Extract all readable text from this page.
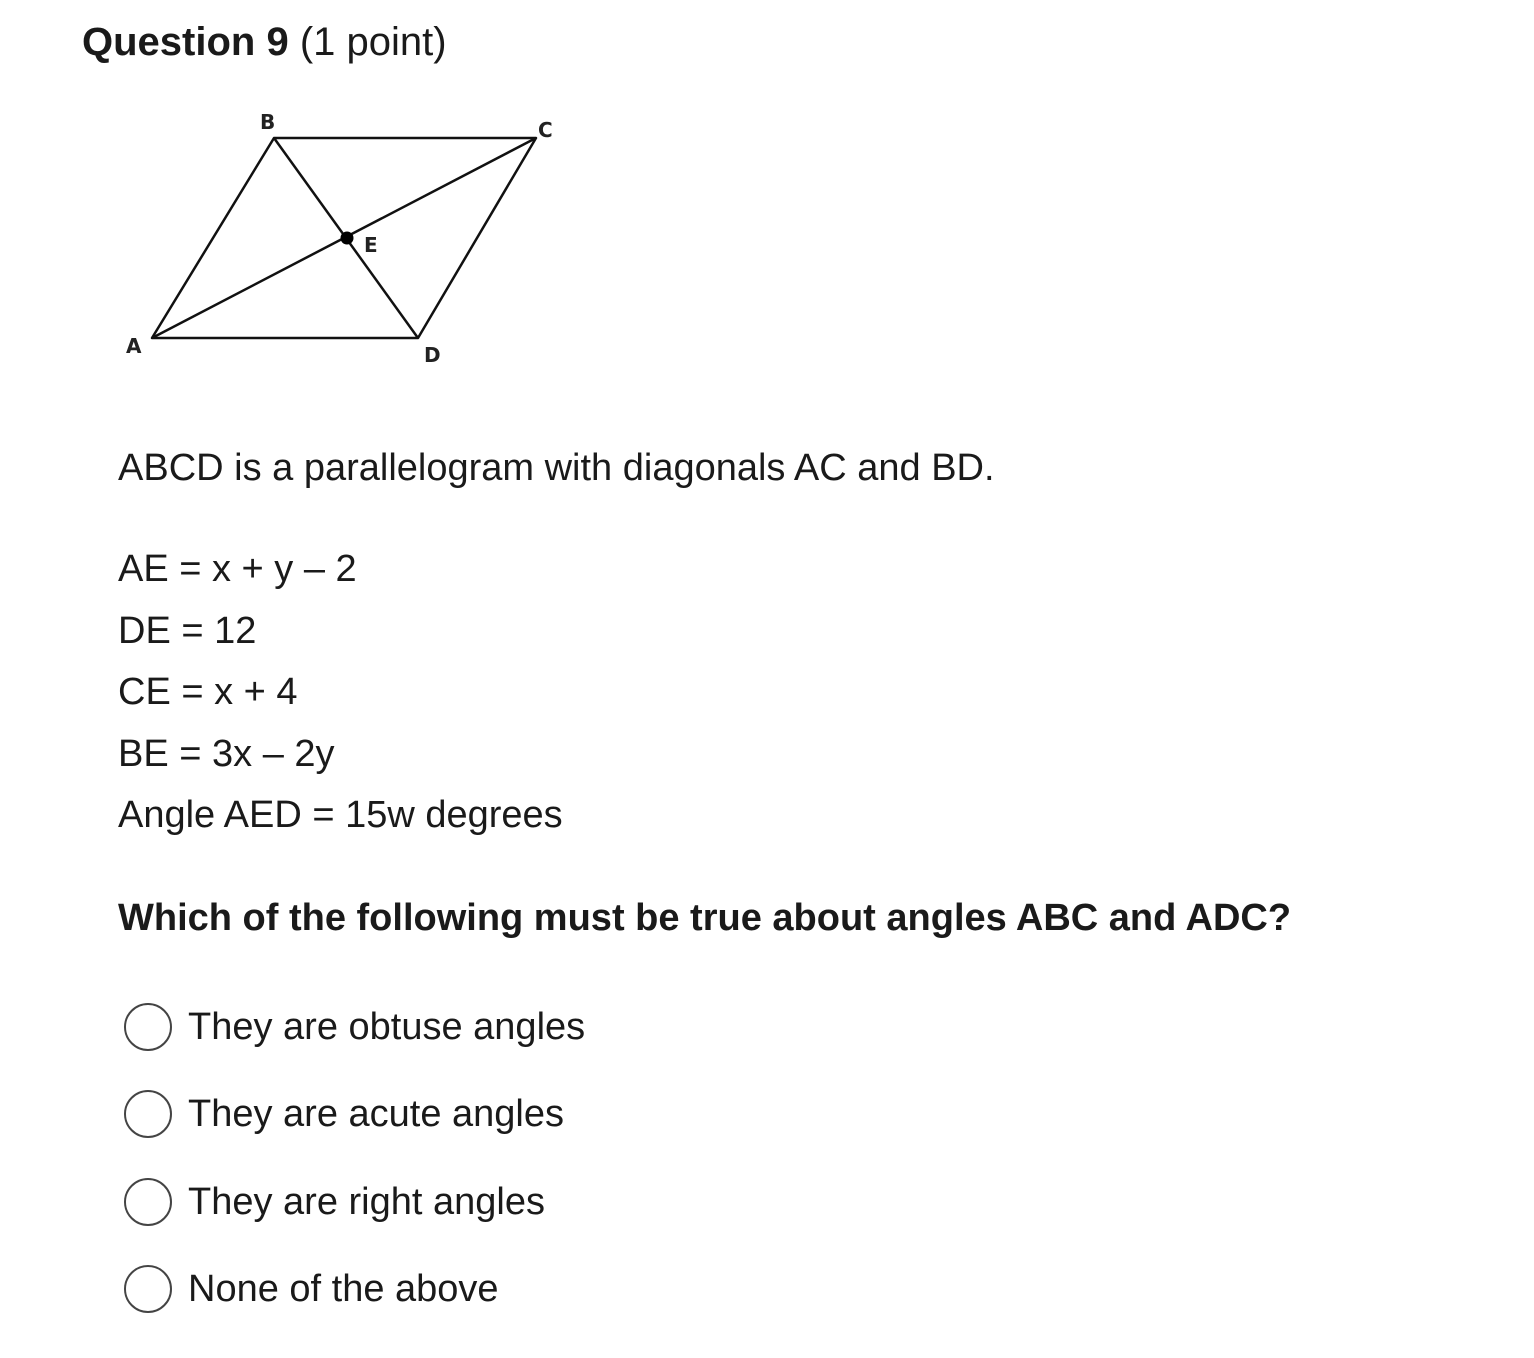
Question 9 (1 point)
A
B	C
D
E
ABCD is a parallelogram with diagonals AC and BD.
AE = x + y – 2
DE = 12
CE = x + 4
BE = 3x – 2y
Angle AED = 15w degrees
Which of the following must be true about angles ABC and ADC?
They are obtuse angles
They are acute angles
They are right angles
None of the above
